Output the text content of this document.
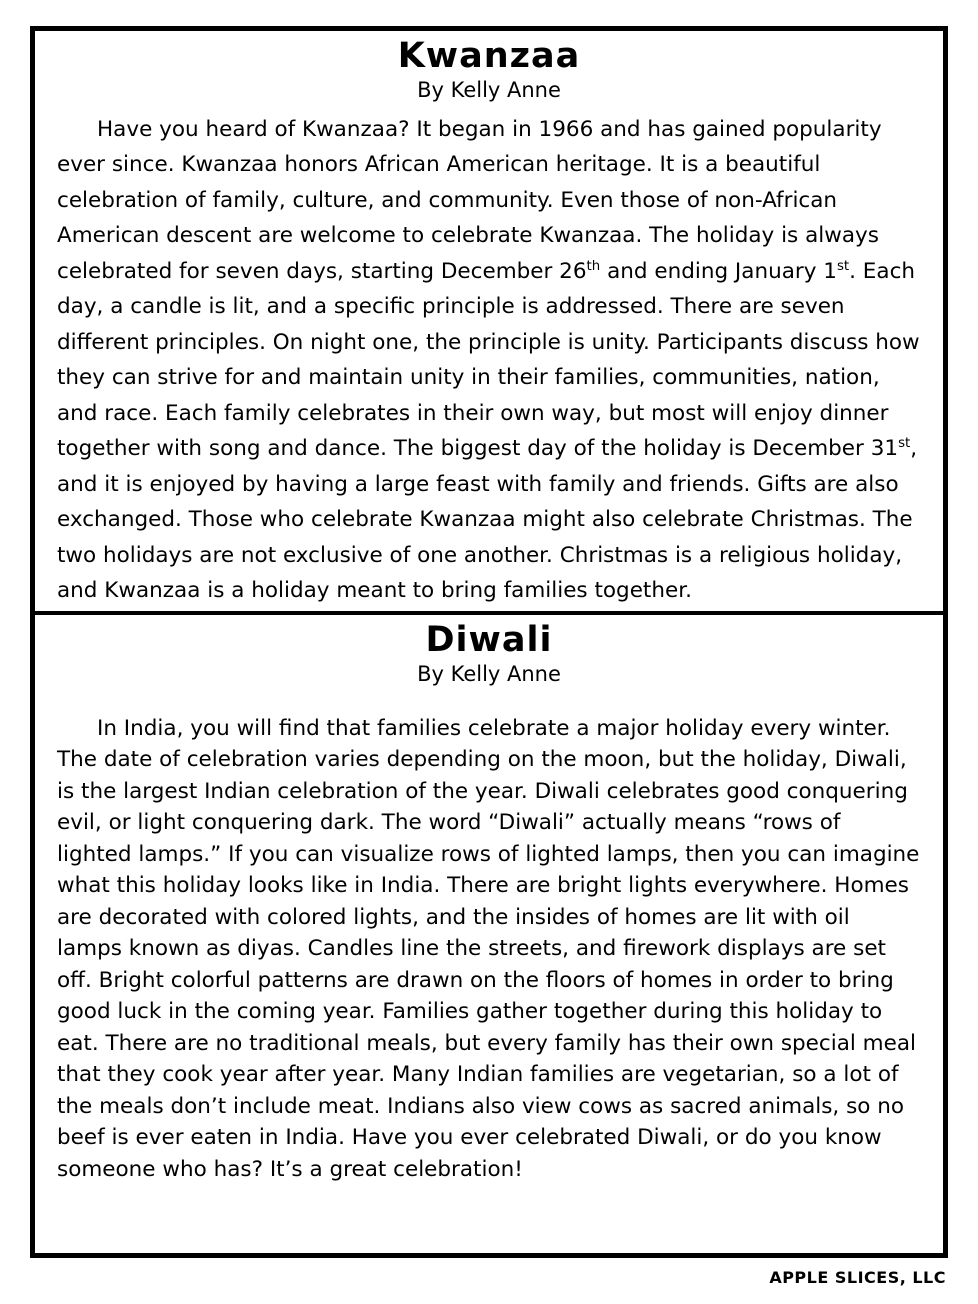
Kwanzaa
By Kelly Anne
Have you heard of Kwanzaa? It began in 1966 and has gained popularity ever since. Kwanzaa honors African American heritage. It is a beautiful celebration of family, culture, and community. Even those of non-African American descent are welcome to celebrate Kwanzaa. The holiday is always celebrated for seven days, starting December 26th and ending January 1st. Each day, a candle is lit, and a specific principle is addressed. There are seven different principles. On night one, the principle is unity. Participants discuss how they can strive for and maintain unity in their families, communities, nation, and race. Each family celebrates in their own way, but most will enjoy dinner together with song and dance. The biggest day of the holiday is December 31st, and it is enjoyed by having a large feast with family and friends. Gifts are also exchanged. Those who celebrate Kwanzaa might also celebrate Christmas. The two holidays are not exclusive of one another. Christmas is a religious holiday, and Kwanzaa is a holiday meant to bring families together.
Diwali
By Kelly Anne
In India, you will find that families celebrate a major holiday every winter. The date of celebration varies depending on the moon, but the holiday, Diwali, is the largest Indian celebration of the year. Diwali celebrates good conquering evil, or light conquering dark. The word “Diwali” actually means “rows of lighted lamps.” If you can visualize rows of lighted lamps, then you can imagine what this holiday looks like in India. There are bright lights everywhere. Homes are decorated with colored lights, and the insides of homes are lit with oil lamps known as diyas. Candles line the streets, and firework displays are set off. Bright colorful patterns are drawn on the floors of homes in order to bring good luck in the coming year. Families gather together during this holiday to eat. There are no traditional meals, but every family has their own special meal that they cook year after year. Many Indian families are vegetarian, so a lot of the meals don’t include meat. Indians also view cows as sacred animals, so no beef is ever eaten in India. Have you ever celebrated Diwali, or do you know someone who has? It’s a great celebration!
APPLE SLICES, LLC
